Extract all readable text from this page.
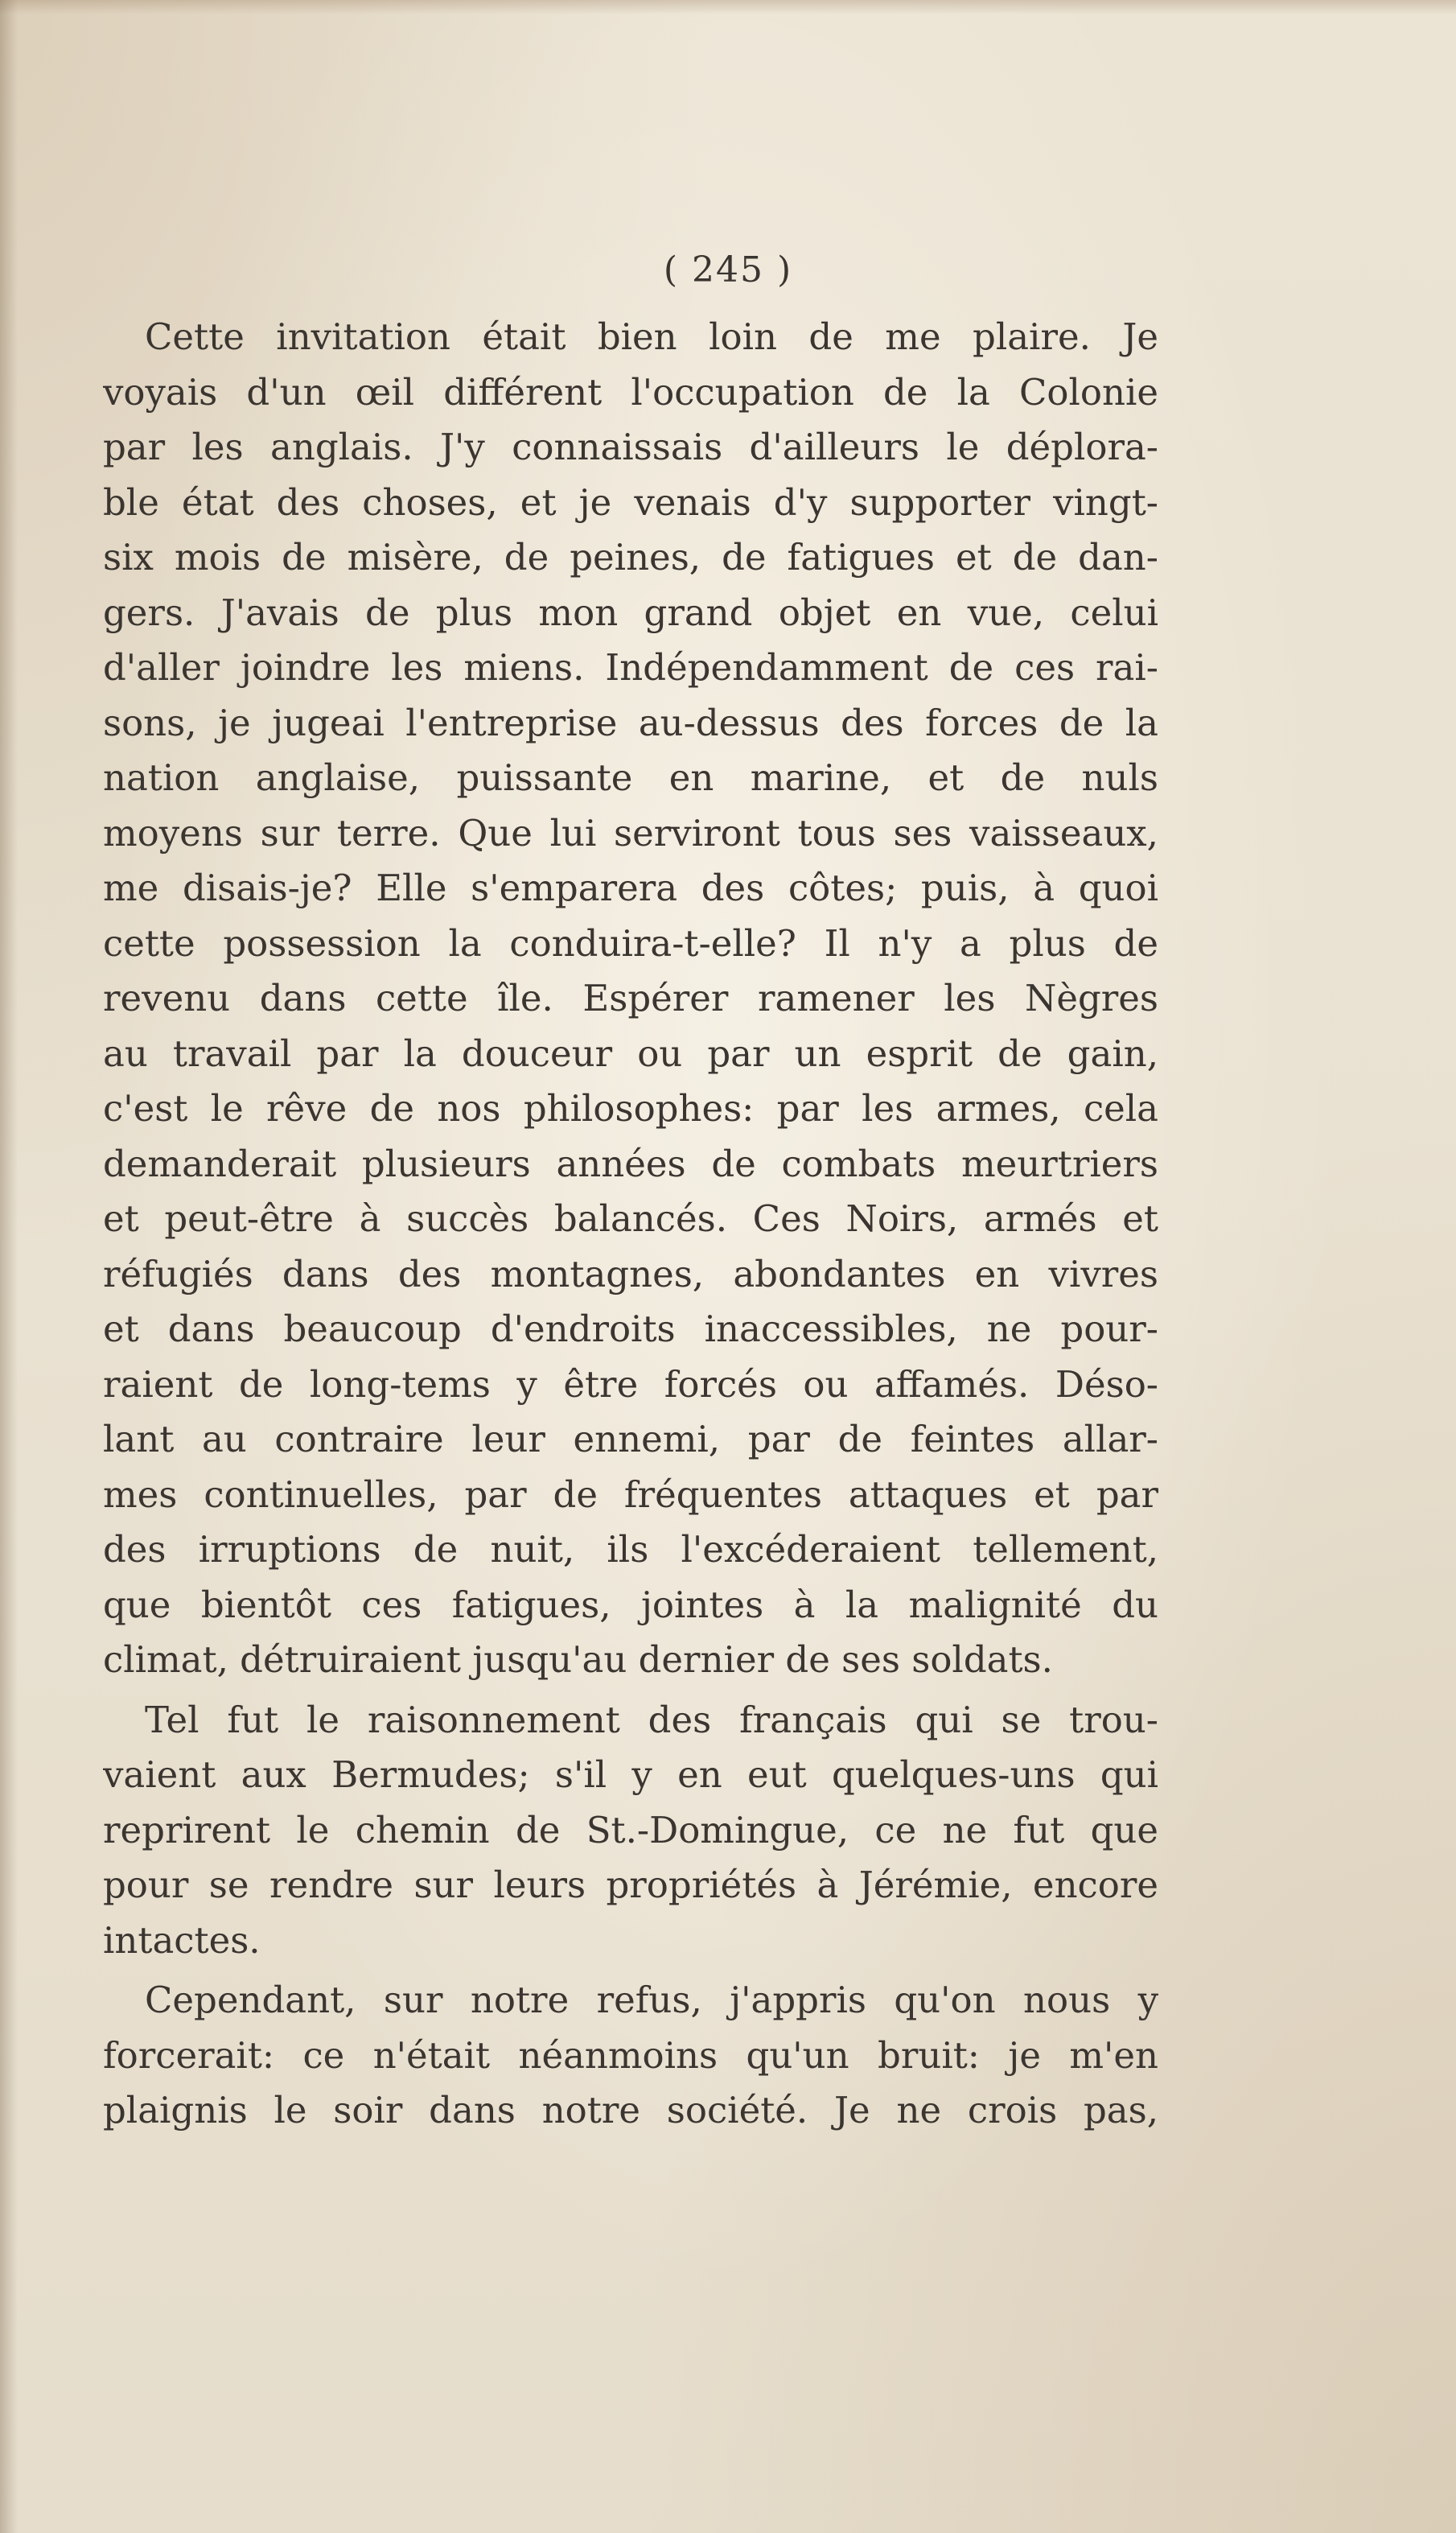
( 245 )
Cette invitation était bien loin de me plaire. Je
voyais d'un œil différent l'occupation de la Colonie
par les anglais. J'y connaissais d'ailleurs le déplora-
ble état des choses, et je venais d'y supporter vingt-
six mois de misère, de peines, de fatigues et de dan-
gers. J'avais de plus mon grand objet en vue, celui
d'aller joindre les miens. Indépendamment de ces rai-
sons, je jugeai l'entreprise au-dessus des forces de la
nation anglaise, puissante en marine, et de nuls
moyens sur terre. Que lui serviront tous ses vaisseaux,
me disais-je? Elle s'emparera des côtes; puis, à quoi
cette possession la conduira-t-elle? Il n'y a plus de
revenu dans cette île. Espérer ramener les Nègres
au travail par la douceur ou par un esprit de gain,
c'est le rêve de nos philosophes: par les armes, cela
demanderait plusieurs années de combats meurtriers
et peut-être à succès balancés. Ces Noirs, armés et
réfugiés dans des montagnes, abondantes en vivres
et dans beaucoup d'endroits inaccessibles, ne pour-
raient de long-tems y être forcés ou affamés. Déso-
lant au contraire leur ennemi, par de feintes allar-
mes continuelles, par de fréquentes attaques et par
des irruptions de nuit, ils l'excéderaient tellement,
que bientôt ces fatigues, jointes à la malignité du
climat, détruiraient jusqu'au dernier de ses soldats.
Tel fut le raisonnement des français qui se trou-
vaient aux Bermudes; s'il y en eut quelques-uns qui
reprirent le chemin de St.-Domingue, ce ne fut que
pour se rendre sur leurs propriétés à Jérémie, encore
intactes.
Cependant, sur notre refus, j'appris qu'on nous y
forcerait: ce n'était néanmoins qu'un bruit: je m'en
plaignis le soir dans notre société. Je ne crois pas,
